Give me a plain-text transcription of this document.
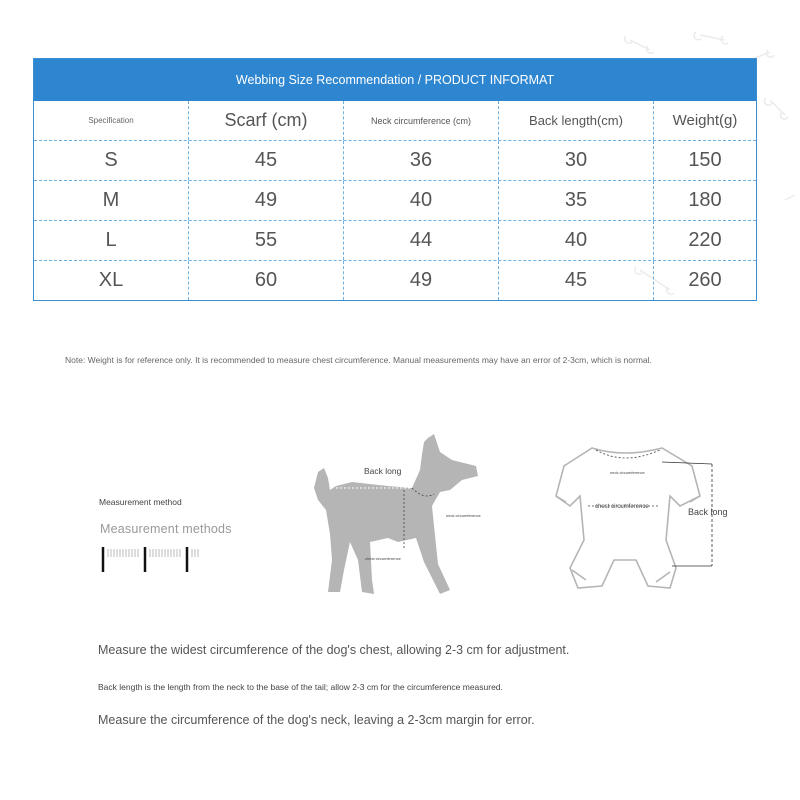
Webbing Size Recommendation / PRODUCT INFORMAT
Specification	Scarf (cm)	Neck circumference (cm)	Back length(cm)	Weight(g)
S	45	36	30	150
M	49	40	35	180
L	55	44	40	220
XL	60	49	45	260
Note: Weight is for reference only. It is recommended to measure chest circumference. Manual measurements may have an error of 2-3cm, which is normal.
Measurement method
Measurement methods
Back long
neck circumference
chest circumference
neck circumference
chest circumference	Back long
Measure the widest circumference of the dog's chest, allowing 2-3 cm for adjustment.
Back length is the length from the neck to the base of the tail; allow 2-3 cm for the circumference measured.
Measure the circumference of the dog's neck, leaving a 2-3cm margin for error.
